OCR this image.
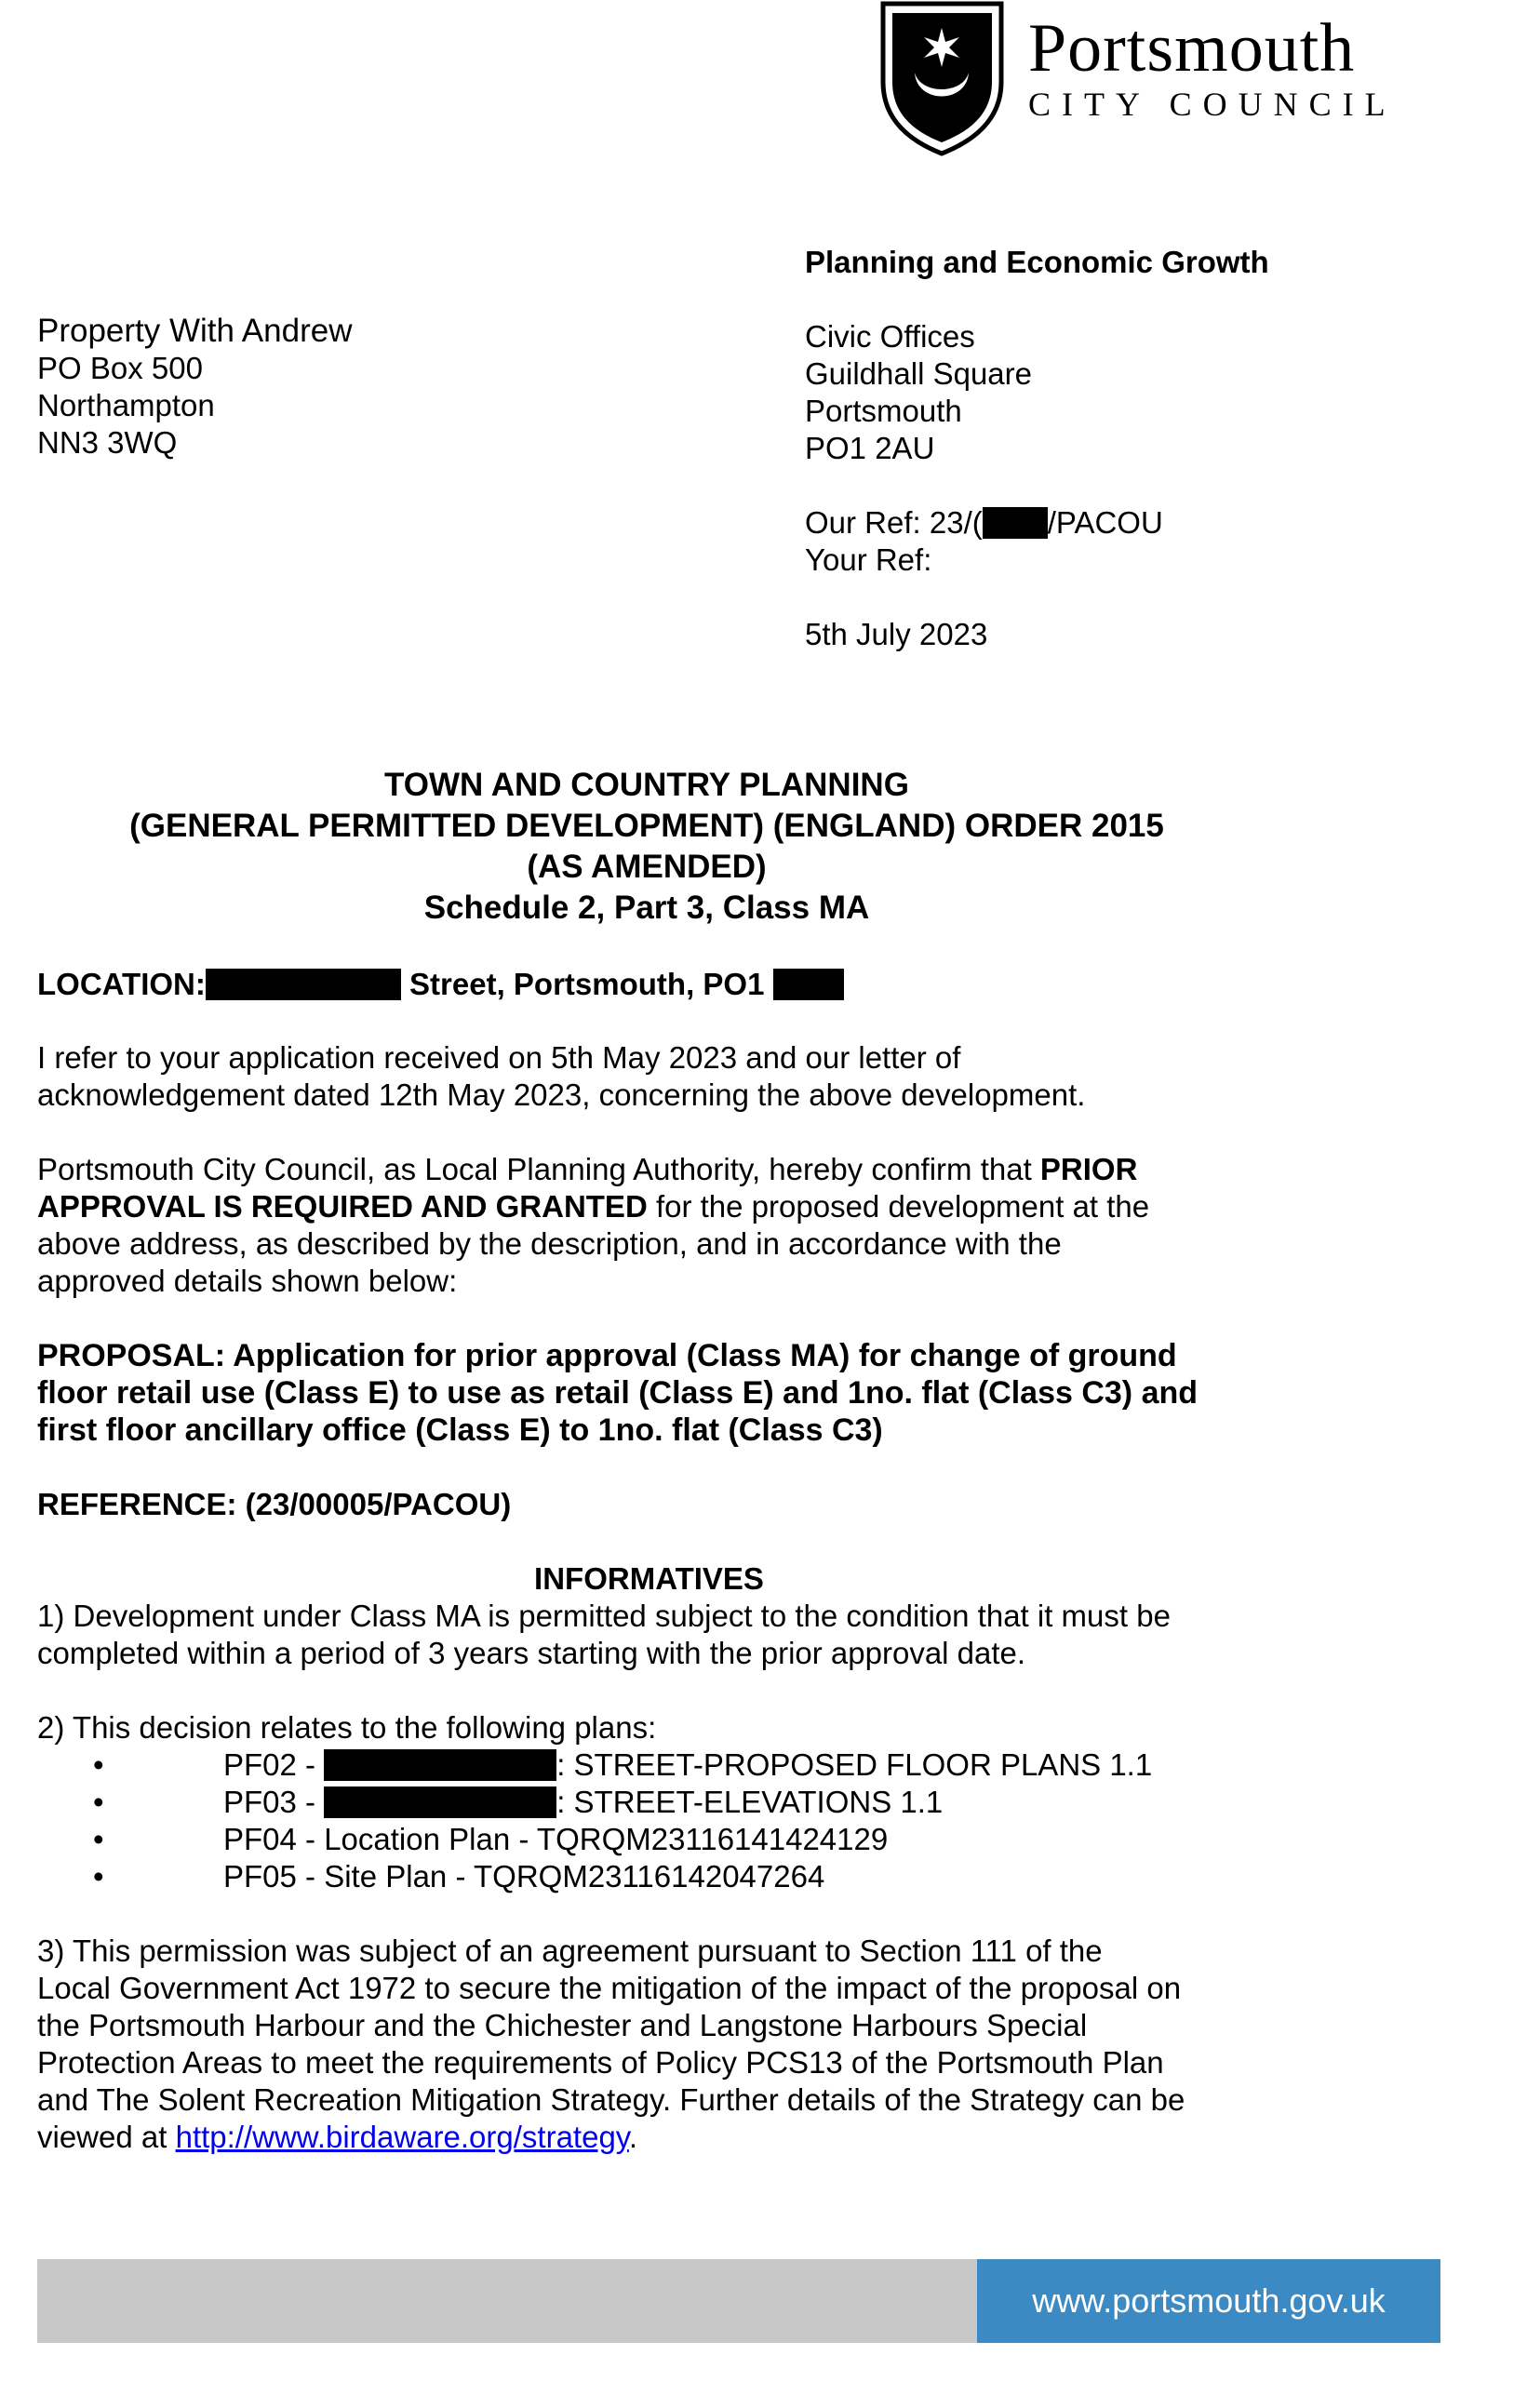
Portsmouth
CITY COUNCIL
Planning and Economic Growth
Property With Andrew
PO Box 500
Northampton
NN3 3WQ
Civic Offices
Guildhall Square
Portsmouth
PO1 2AU
Our Ref: 23/( /PACOU
Your Ref:
5th July 2023
TOWN AND COUNTRY PLANNING
(GENERAL PERMITTED DEVELOPMENT) (ENGLAND) ORDER 2015
(AS AMENDED)
Schedule 2, Part 3, Class MA
LOCATION:	Street, Portsmouth, PO1
I refer to your application received on 5th May 2023 and our letter of
acknowledgement dated 12th May 2023, concerning the above development.
Portsmouth City Council, as Local Planning Authority, hereby confirm that PRIOR
APPROVAL IS REQUIRED AND GRANTED for the proposed development at the
above address, as described by the description, and in accordance with the
approved details shown below:
PROPOSAL: Application for prior approval (Class MA) for change of ground
floor retail use (Class E) to use as retail (Class E) and 1no. flat (Class C3) and
first floor ancillary office (Class E) to 1no. flat (Class C3)
REFERENCE: (23/00005/PACOU)
INFORMATIVES
1) Development under Class MA is permitted subject to the condition that it must be
completed within a period of 3 years starting with the prior approval date.
2) This decision relates to the following plans:
•	PF02 -	: STREET-PROPOSED FLOOR PLANS 1.1
•	PF03 -	: STREET-ELEVATIONS 1.1
•	PF04 - Location Plan - TQRQM23116141424129
•	PF05 - Site Plan - TQRQM23116142047264
3) This permission was subject of an agreement pursuant to Section 111 of the
Local Government Act 1972 to secure the mitigation of the impact of the proposal on
the Portsmouth Harbour and the Chichester and Langstone Harbours Special
Protection Areas to meet the requirements of Policy PCS13 of the Portsmouth Plan
and The Solent Recreation Mitigation Strategy. Further details of the Strategy can be
viewed at http://www.birdaware.org/strategy.
www.portsmouth.gov.uk
